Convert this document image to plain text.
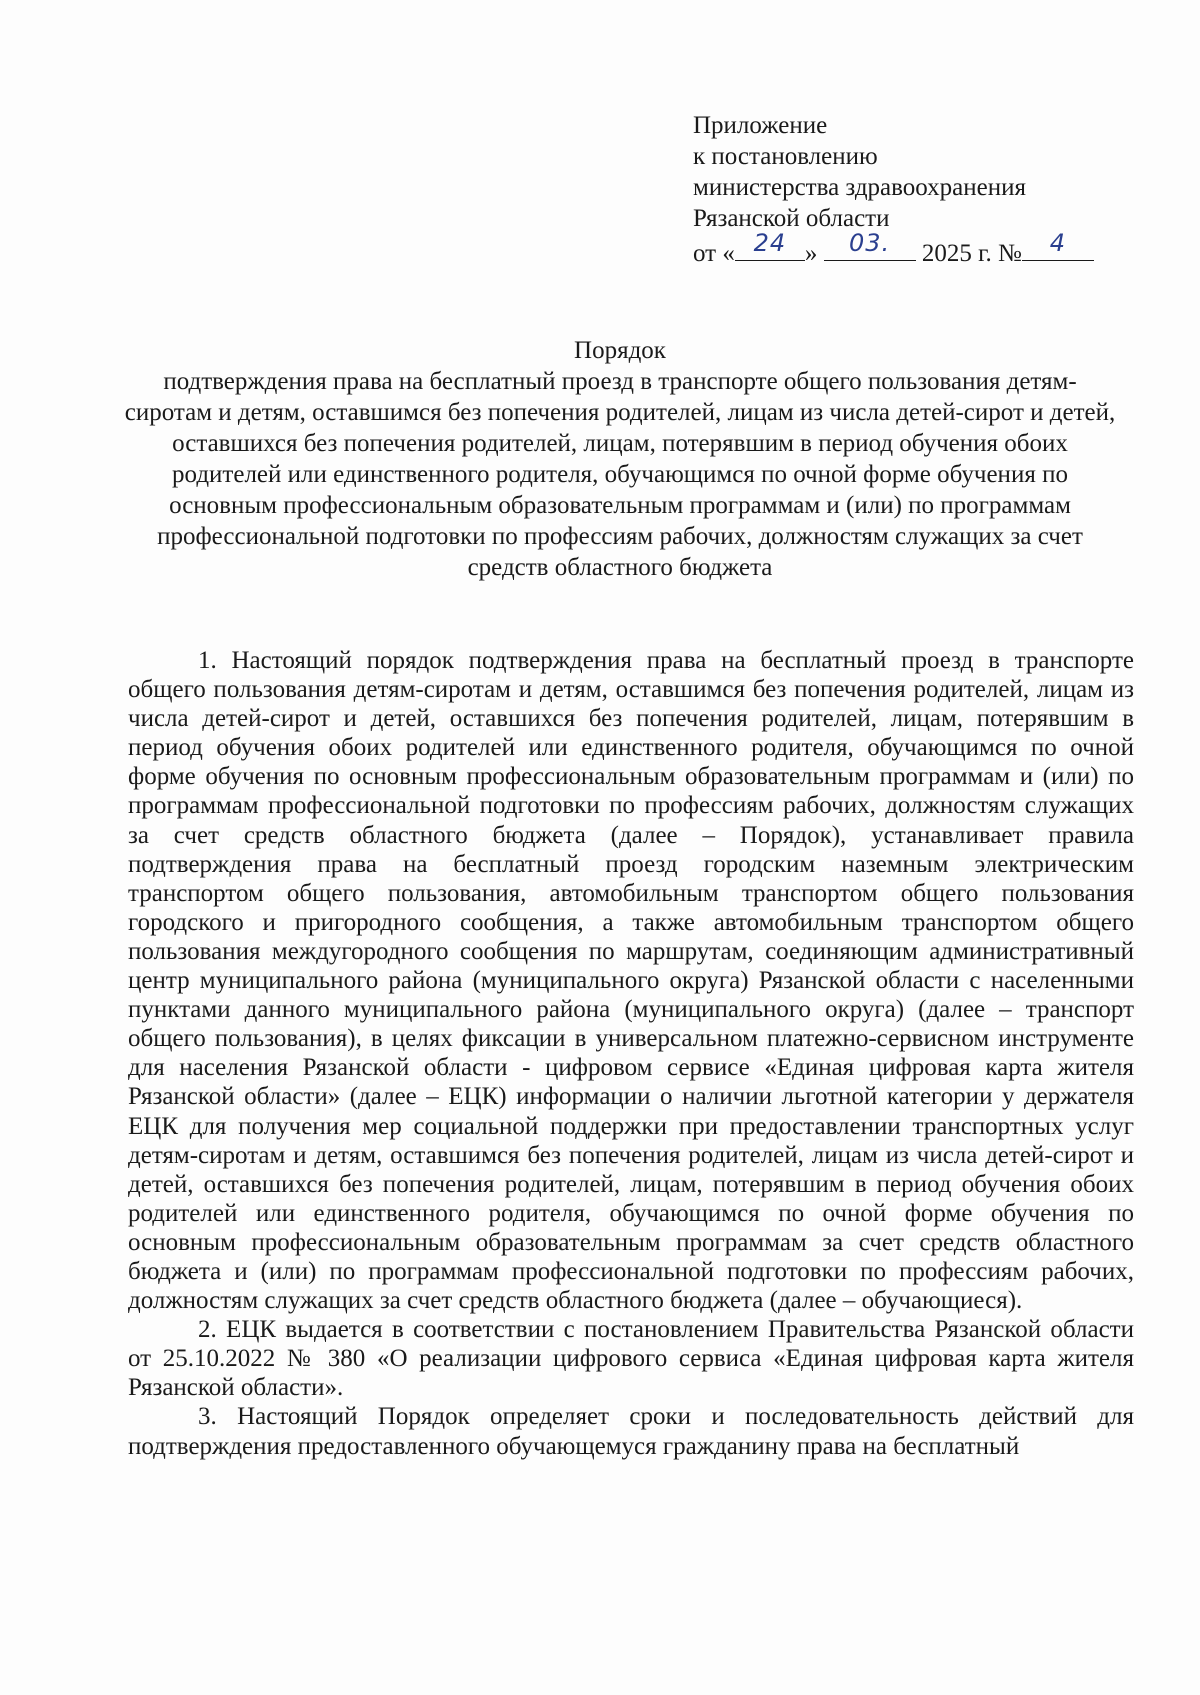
Приложение
к постановлению
министерства здравоохранения
Рязанской области
от « 24 »	03.	2025 г. №	4
Порядок
подтверждения права на бесплатный проезд в транспорте общего пользования детям-сиротам и детям, оставшимся без попечения родителей, лицам из числа детей-сирот и детей, оставшихся без попечения родителей, лицам, потерявшим в период обучения обоих родителей или единственного родителя, обучающимся по очной форме обучения по основным профессиональным образовательным программам и (или) по программам профессиональной подготовки по профессиям рабочих, должностям служащих за счет средств областного бюджета

1. Настоящий порядок подтверждения права на бесплатный проезд в транспорте общего пользования детям-сиротам и детям, оставшимся без попечения родителей, лицам из числа детей-сирот и детей, оставшихся без попечения родителей, лицам, потерявшим в период обучения обоих родителей или единственного родителя, обучающимся по очной форме обучения по основным профессиональным образовательным программам и (или) по программам профессиональной подготовки по профессиям рабочих, должностям служащих за счет средств областного бюджета (далее – Порядок), устанавливает правила подтверждения права на бесплатный проезд городским наземным электрическим транспортом общего пользования, автомобильным транспортом общего пользования городского и пригородного сообщения, а также автомобильным транспортом общего пользования междугородного сообщения по маршрутам, соединяющим административный центр муниципального района (муниципального округа) Рязанской области с населенными пунктами данного муниципального района (муниципального округа) (далее – транспорт общего пользования), в целях фиксации в универсальном платежно-сервисном инструменте для населения Рязанской области - цифровом сервисе «Единая цифровая карта жителя Рязанской области» (далее – ЕЦК) информации о наличии льготной категории у держателя ЕЦК для получения мер социальной поддержки при предоставлении транспортных услуг детям-сиротам и детям, оставшимся без попечения родителей, лицам из числа детей-сирот и детей, оставшихся без попечения родителей, лицам, потерявшим в период обучения обоих родителей или единственного родителя, обучающимся по очной форме обучения по основным профессиональным образовательным программам за счет средств областного бюджета и (или) по программам профессиональной подготовки по профессиям рабочих, должностям служащих за счет средств областного бюджета (далее – обучающиеся).

2. ЕЦК выдается в соответствии с постановлением Правительства Рязанской области от 25.10.2022 № 380 «О реализации цифрового сервиса «Единая цифровая карта жителя Рязанской области».

3. Настоящий Порядок определяет сроки и последовательность действий для подтверждения предоставленного обучающемуся гражданину права на бесплатный
